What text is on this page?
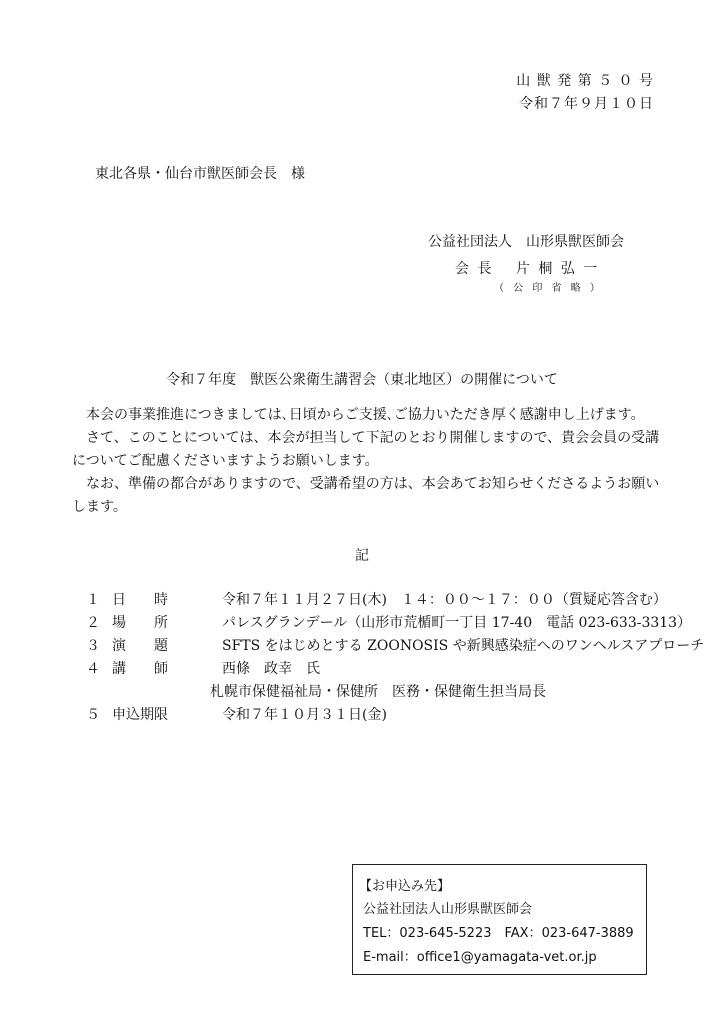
山 獣 発 第 ５ ０ 号
令和７年９月１０日
東北各県・仙台市獣医師会長　様
公益社団法人　山形県獣医師会
会 長　 片 桐 弘 一
（ 公 印 省 略 ）
令和７年度　獣医公衆衛生講習会（東北地区）の開催について

本会の事業推進につきましては､日頃からご支援､ご協力いただき厚く感謝申し上げます。

さて、このことについては、本会が担当して下記のとおり開催しますので、貴会会員の受講についてご配慮くださいますようお願いします。

なお、準備の都合がありますので、受講希望の方は、本会あてお知らせくださるようお願いします。

記
１ 日　　時	令和７年１１月２７日(木)　１４：００～１７：００（質疑応答含む）
２ 場　　所	パレスグランデール（山形市荒楯町一丁目 17-40　電話 023-633-3313）
３ 演　　題	SFTS をはじめとする ZOONOSIS や新興感染症へのワンヘルスアプローチ
４ 講　　師	西條　政幸　氏
札幌市保健福祉局・保健所　医務・保健衛生担当局長
５ 申込期限	令和７年１０月３１日(金)
【お申込み先】
公益社団法人山形県獣医師会
TEL：023-645-5223　FAX：023-647-3889
E-mail：office1@yamagata-vet.or.jp
